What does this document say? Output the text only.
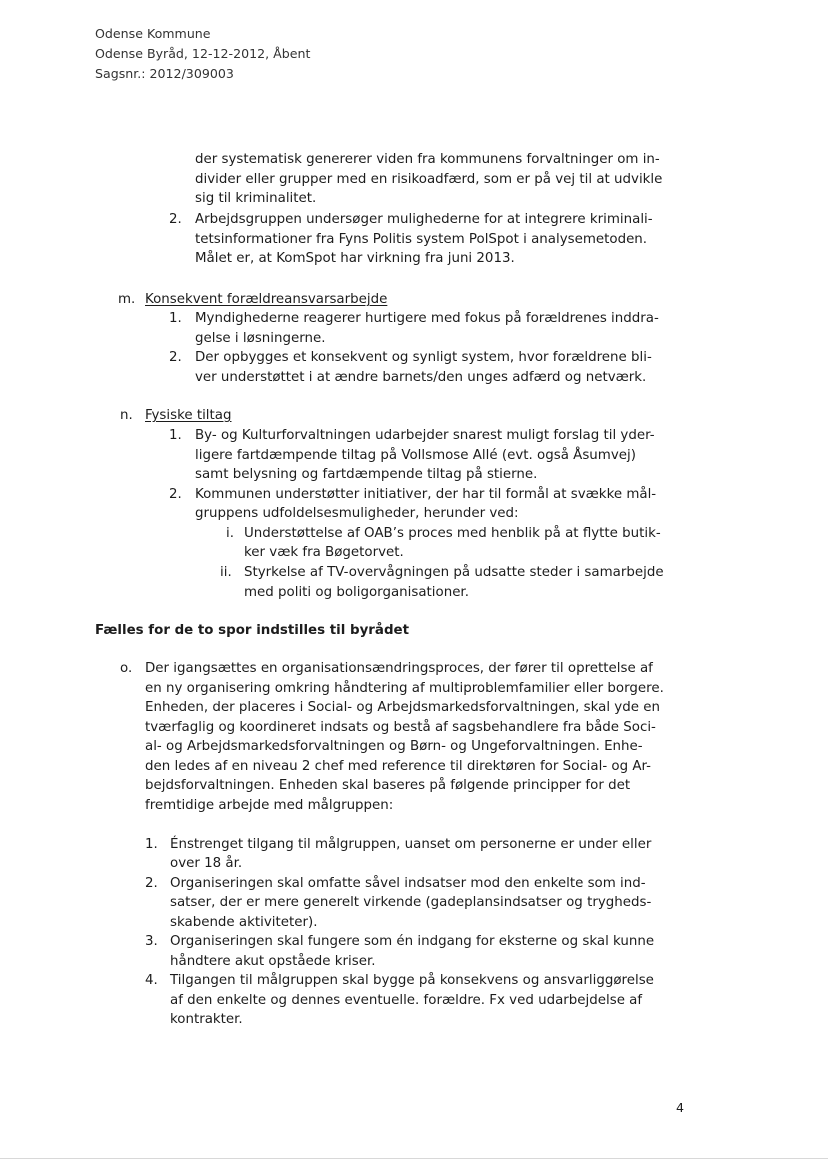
Odense Kommune
Odense Byråd, 12-12-2012, Åbent
Sagsnr.: 2012/309003
der systematisk genererer viden fra kommunens forvaltninger om in-
divider eller grupper med en risikoadfærd, som er på vej til at udvikle
sig til kriminalitet.
2. Arbejdsgruppen undersøger mulighederne for at integrere kriminali-
tetsinformationer fra Fyns Politis system PolSpot i analysemetoden.
Målet er, at KomSpot har virkning fra juni 2013.
m. Konsekvent forældreansvarsarbejde
1. Myndighederne reagerer hurtigere med fokus på forældrenes inddra-
gelse i løsningerne.
2. Der opbygges et konsekvent og synligt system, hvor forældrene bli-
ver understøttet i at ændre barnets/den unges adfærd og netværk.
n. Fysiske tiltag
1. By- og Kulturforvaltningen udarbejder snarest muligt forslag til yder-
ligere fartdæmpende tiltag på Vollsmose Allé (evt. også Åsumvej)
samt belysning og fartdæmpende tiltag på stierne.
2. Kommunen understøtter initiativer, der har til formål at svække mål-
gruppens udfoldelsesmuligheder, herunder ved:
i. Understøttelse af OAB’s proces med henblik på at flytte butik-
ker væk fra Bøgetorvet.
ii. Styrkelse af TV-overvågningen på udsatte steder i samarbejde
med politi og boligorganisationer.
Fælles for de to spor indstilles til byrådet
o. Der igangsættes en organisationsændringsproces, der fører til oprettelse af
en ny organisering omkring håndtering af multiproblemfamilier eller borgere.
Enheden, der placeres i Social- og Arbejdsmarkedsforvaltningen, skal yde en
tværfaglig og koordineret indsats og bestå af sagsbehandlere fra både Soci-
al- og Arbejdsmarkedsforvaltningen og Børn- og Ungeforvaltningen. Enhe-
den ledes af en niveau 2 chef med reference til direktøren for Social- og Ar-
bejdsforvaltningen. Enheden skal baseres på følgende principper for det
fremtidige arbejde med målgruppen:
1. Énstrenget tilgang til målgruppen, uanset om personerne er under eller
over 18 år.
2. Organiseringen skal omfatte såvel indsatser mod den enkelte som ind-
satser, der er mere generelt virkende (gadeplansindsatser og trygheds-
skabende aktiviteter).
3. Organiseringen skal fungere som én indgang for eksterne og skal kunne
håndtere akut opståede kriser.
4. Tilgangen til målgruppen skal bygge på konsekvens og ansvarliggørelse
af den enkelte og dennes eventuelle. forældre. Fx ved udarbejdelse af
kontrakter.
4
